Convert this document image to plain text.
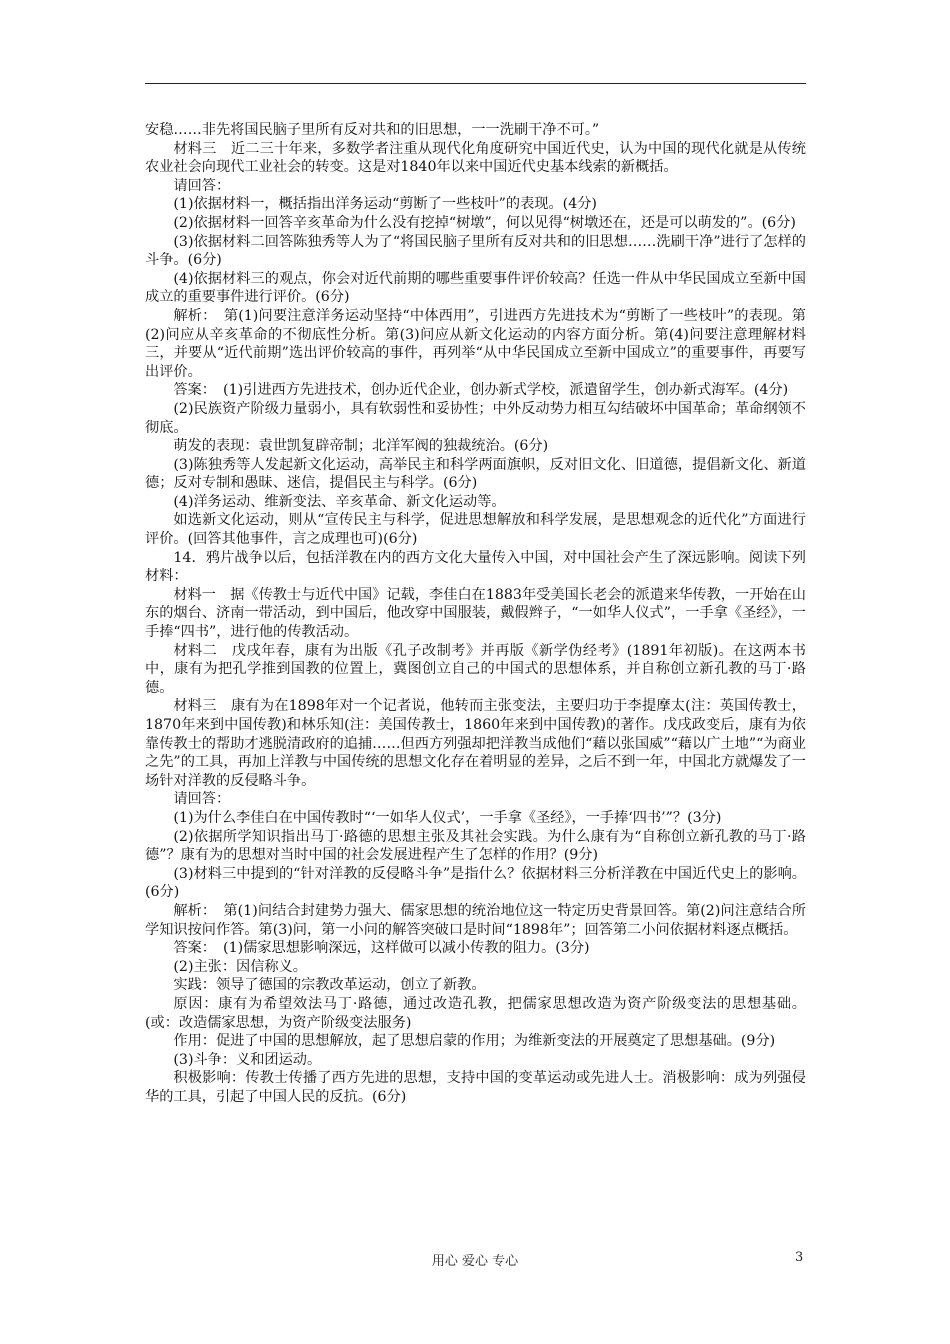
安稳……非先将国民脑子里所有反对共和的旧思想，一一洗刷干净不可。”

材料三　近二三十年来，多数学者注重从现代化角度研究中国近代史，认为中国的现代化就是从传统农业社会向现代工业社会的转变。这是对1840年以来中国近代史基本线索的新概括。

请回答：

(1)依据材料一，概括指出洋务运动“剪断了一些枝叶”的表现。(4分)

(2)依据材料一回答辛亥革命为什么没有挖掉“树墩”，何以见得“树墩还在，还是可以萌发的”。(6分)

(3)依据材料二回答陈独秀等人为了“将国民脑子里所有反对共和的旧思想……洗刷干净”进行了怎样的斗争。(6分)

(4)依据材料三的观点，你会对近代前期的哪些重要事件评价较高？任选一件从中华民国成立至新中国成立的重要事件进行评价。(6分)

解析：　第(1)问要注意洋务运动坚持“中体西用”，引进西方先进技术为“剪断了一些枝叶”的表现。第(2)问应从辛亥革命的不彻底性分析。第(3)问应从新文化运动的内容方面分析。第(4)问要注意理解材料三，并要从“近代前期”选出评价较高的事件，再列举“从中华民国成立至新中国成立”的重要事件，再要写出评价。

答案：　(1)引进西方先进技术，创办近代企业，创办新式学校，派遣留学生，创办新式海军。(4分)

(2)民族资产阶级力量弱小，具有软弱性和妥协性；中外反动势力相互勾结破坏中国革命；革命纲领不彻底。

萌发的表现：袁世凯复辟帝制；北洋军阀的独裁统治。(6分)

(3)陈独秀等人发起新文化运动，高举民主和科学两面旗帜，反对旧文化、旧道德，提倡新文化、新道德；反对专制和愚昧、迷信，提倡民主与科学。(6分)

(4)洋务运动、维新变法、辛亥革命、新文化运动等。

如选新文化运动，则从“宣传民主与科学，促进思想解放和科学发展，是思想观念的近代化”方面进行评价。(回答其他事件，言之成理也可)(6分)

14．鸦片战争以后，包括洋教在内的西方文化大量传入中国，对中国社会产生了深远影响。阅读下列材料：

材料一　据《传教士与近代中国》记载，李佳白在1883年受美国长老会的派遣来华传教，一开始在山东的烟台、济南一带活动，到中国后，他改穿中国服装，戴假辫子，“一如华人仪式”，一手拿《圣经》，一手捧“四书”，进行他的传教活动。

材料二　戊戌年春，康有为出版《孔子改制考》并再版《新学伪经考》(1891年初版)。在这两本书中，康有为把孔学推到国教的位置上，冀图创立自己的中国式的思想体系，并自称创立新孔教的马丁·路德。

材料三　康有为在1898年对一个记者说，他转而主张变法，主要归功于李提摩太(注：英国传教士，1870年来到中国传教)和林乐知(注：美国传教士，1860年来到中国传教)的著作。戊戌政变后，康有为依靠传教士的帮助才逃脱清政府的追捕……但西方列强却把洋教当成他们“藉以张国威”“藉以广土地”“为商业之先”的工具，再加上洋教与中国传统的思想文化存在着明显的差异，之后不到一年，中国北方就爆发了一场针对洋教的反侵略斗争。

请回答：

(1)为什么李佳白在中国传教时“‘一如华人仪式’，一手拿《圣经》，一手捧‘四书’”？(3分)

(2)依据所学知识指出马丁·路德的思想主张及其社会实践。为什么康有为“自称创立新孔教的马丁·路德”？康有为的思想对当时中国的社会发展进程产生了怎样的作用？(9分)

(3)材料三中提到的“针对洋教的反侵略斗争”是指什么？依据材料三分析洋教在中国近代史上的影响。(6分)

解析：　第(1)问结合封建势力强大、儒家思想的统治地位这一特定历史背景回答。第(2)问注意结合所学知识按问作答。第(3)问，第一小问的解答突破口是时间“1898年”；回答第二小问依据材料逐点概括。

答案：　(1)儒家思想影响深远，这样做可以减小传教的阻力。(3分)

(2)主张：因信称义。

实践：领导了德国的宗教改革运动，创立了新教。

原因：康有为希望效法马丁·路德，通过改造孔教，把儒家思想改造为资产阶级变法的思想基础。(或：改造儒家思想，为资产阶级变法服务)

作用：促进了中国的思想解放，起了思想启蒙的作用；为维新变法的开展奠定了思想基础。(9分)

(3)斗争：义和团运动。

积极影响：传教士传播了西方先进的思想，支持中国的变革运动或先进人士。消极影响：成为列强侵华的工具，引起了中国人民的反抗。(6分)

用心 爱心 专心	3
